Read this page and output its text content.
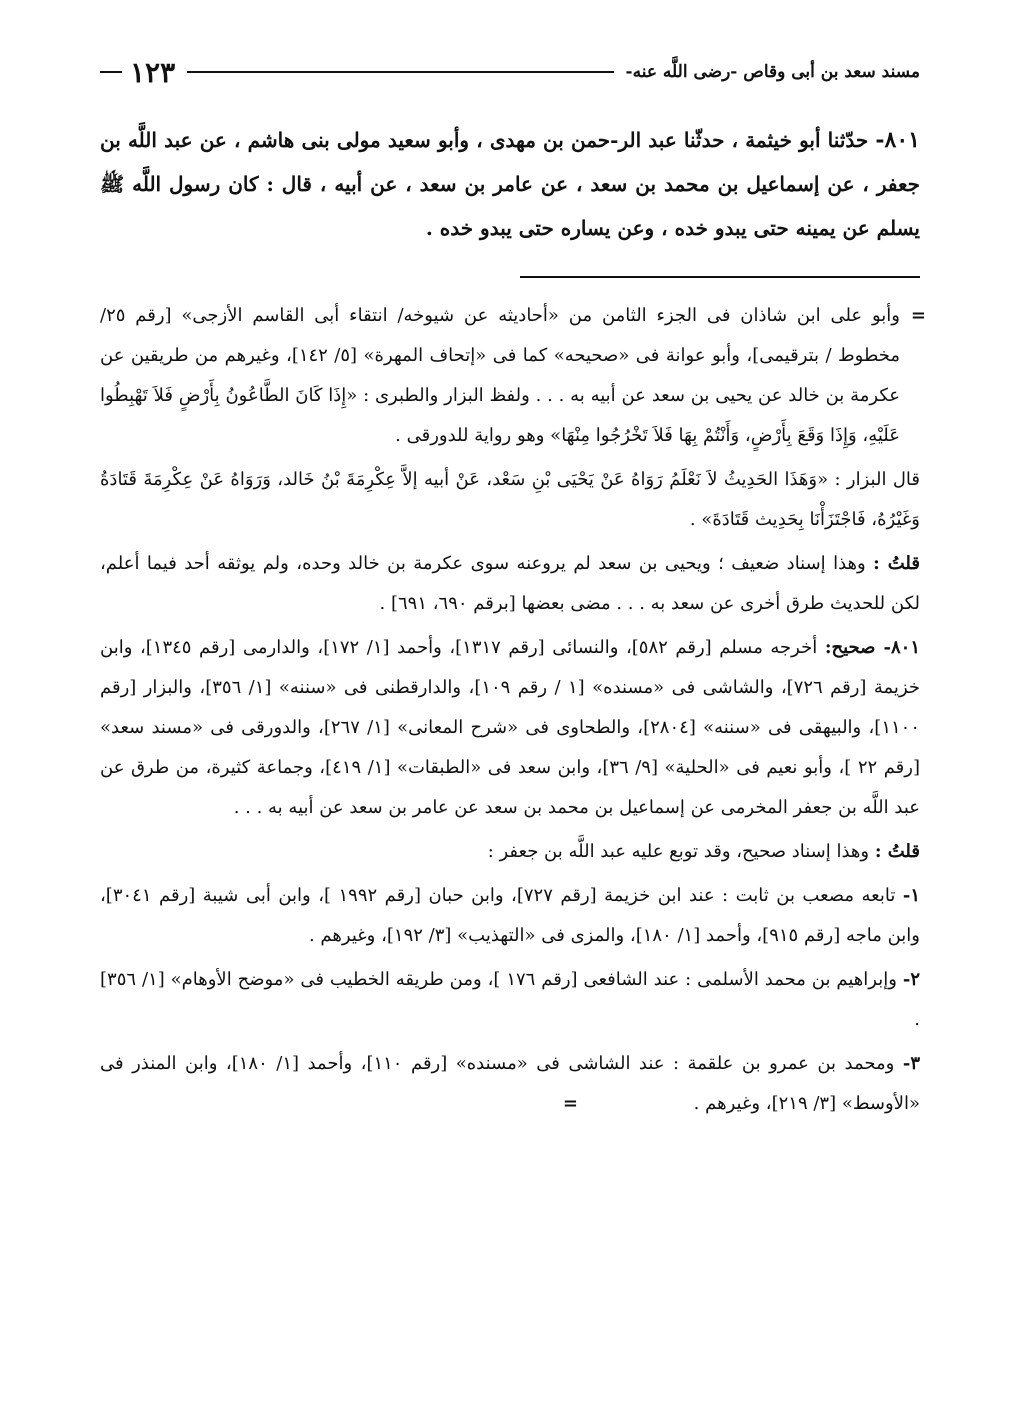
مسند سعد بن أبى وقاص -رضى اللَّه عنه-
١٢٣
٨٠١- حدّثنا أبو خيثمة ، حدثّنا عبد الر-حمن بن مهدى ، وأبو سعيد مولى بنى هاشم ، عن عبد اللَّه بن جعفر ، عن إسماعيل بن محمد بن سعد ، عن عامر بن سعد ، عن أبيه ، قال : كان رسول اللَّه ﷺ يسلم عن يمينه حتى يبدو خده ، وعن يساره حتى يبدو خده .

=
وأبو على ابن شاذان فى الجزء الثامن من «أحاديثه عن شيوخه/ انتقاء أبى القاسم الأزجى» [رقم ٢٥/ مخطوط / بترقيمى]، وأبو عوانة فى «صحيحه» كما فى «إتحاف المهرة» [٥/ ١٤٢]، وغيرهم من طريقين عن عكرمة بن خالد عن يحيى بن سعد عن أبيه به . . . ولفظ البزار والطبرى : «إِذَا كَانَ الطَّاعُونُ بِأَرْضٍ فَلاَ تَهْبِطُوا عَلَيْهِ، وَإِذَا وَقَعَ بِأَرْضٍ، وَأَنْتُمْ بِهَا فَلاَ تَخْرُجُوا مِنْهَا» وهو رواية للدورقى .

قال البزار : «وَهَذَا الحَدِيثُ لاَ نَعْلَمُ رَوَاهُ عَنْ يَحْيَى بْنِ سَعْد، عَنْ أبيه إلاَّ عِكْرِمَةَ بْنُ خَالد، وَرَوَاهُ عَنْ عِكْرِمَةَ قَتَادَةُ وَغَيْرُهُ، فَاجْتَزَأْنَا بِحَدِيث قَتَادَةَ» .

قلتُ : وهذا إسناد ضعيف ؛ ويحيى بن سعد لم يروعنه سوى عكرمة بن خالد وحده، ولم يوثقه أحد فيما أعلم، لكن للحديث طرق أخرى عن سعد به . . . مضى بعضها [برقم ٦٩٠، ٦٩١] .

٨٠١- صحيح: أخرجه مسلم [رقم ٥٨٢]، والنسائى [رقم ١٣١٧]، وأحمد [١/ ١٧٢]، والدارمى [رقم ١٣٤٥]، وابن خزيمة [رقم ٧٢٦]، والشاشى فى «مسنده» [١ / رقم ١٠٩]، والدارقطنى فى «سننه» [١/ ٣٥٦]، والبزار [رقم ١١٠٠]، والبيهقى فى «سننه» [٢٨٠٤]، والطحاوى فى «شرح المعانى» [١/ ٢٦٧]، والدورقى فى «مسند سعد» [رقم ٢٢ ]، وأبو نعيم فى «الحلية» [٩/ ٣٦]، وابن سعد فى «الطبقات» [١/ ٤١٩]، وجماعة كثيرة، من طرق عن عبد اللَّه بن جعفر المخرمى عن إسماعيل بن محمد بن سعد عن عامر بن سعد عن أبيه به . . .

قلتُ : وهذا إسناد صحيح، وقد توبع عليه عبد اللَّه بن جعفر :

١- تابعه مصعب بن ثابت : عند ابن خزيمة [رقم ٧٢٧]، وابن حبان [رقم ١٩٩٢ ]، وابن أبى شيبة [رقم ٣٠٤١]، وابن ماجه [رقم ٩١٥]، وأحمد [١/ ١٨٠]، والمزى فى «التهذيب» [٣/ ١٩٢]، وغيرهم .

٢- وإبراهيم بن محمد الأسلمى : عند الشافعى [رقم ١٧٦ ]، ومن طريقه الخطيب فى «موضح الأوهام» [١/ ٣٥٦] .

٣- ومحمد بن عمرو بن علقمة : عند الشاشى فى «مسنده» [رقم ١١٠]، وأحمد [١/ ١٨٠]، وابن المنذر فى «الأوسط» [٣/ ٢١٩]، وغيرهم . =
